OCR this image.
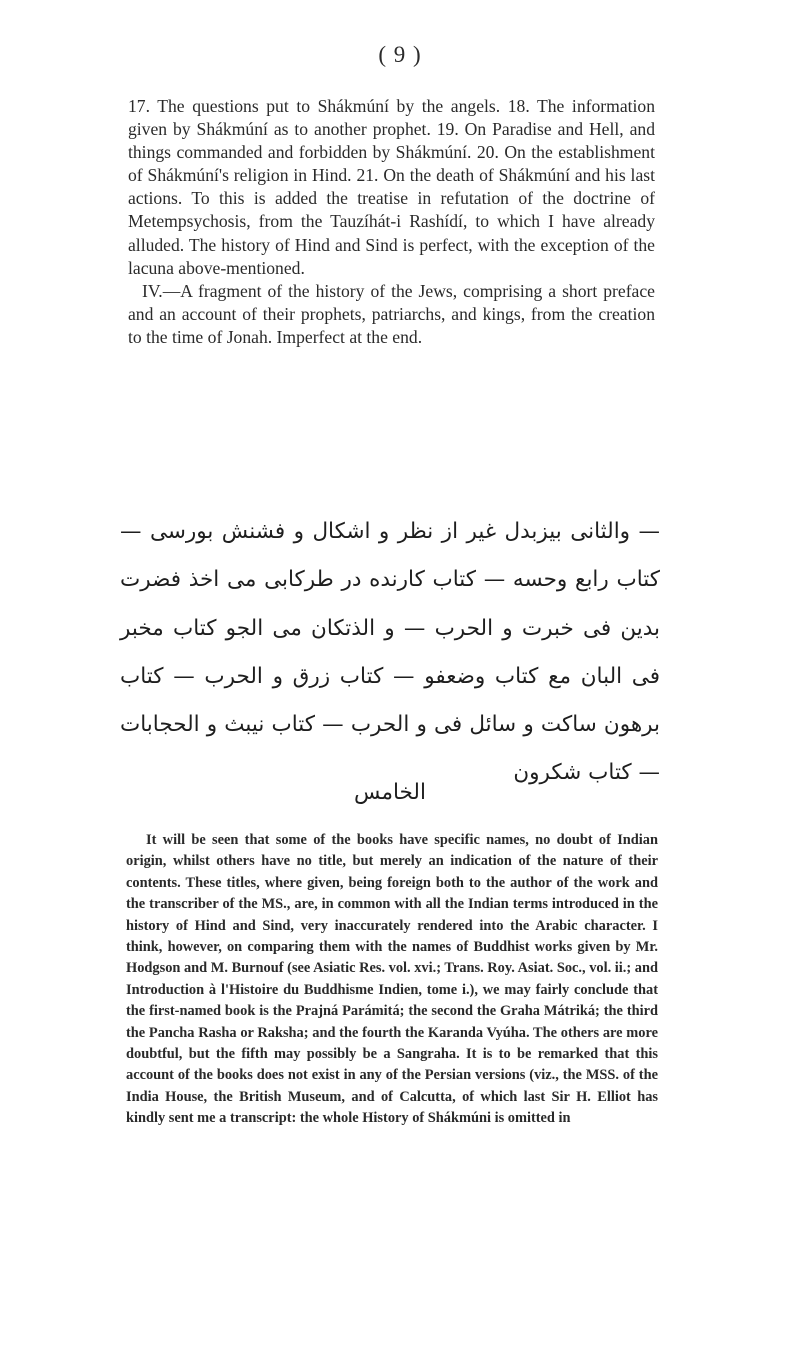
( 9 )

17. The questions put to Shákmúní by the angels. 18. The information given by Shákmúní as to another prophet. 19. On Paradise and Hell, and things commanded and forbidden by Shákmúní. 20. On the establishment of Shákmúní's religion in Hind. 21. On the death of Shákmúní and his last actions. To this is added the treatise in refutation of the doctrine of Metempsychosis, from the Tauzíhát-i Rashídí, to which I have already alluded. The history of Hind and Sind is perfect, with the exception of the lacuna above-mentioned.

IV.—A fragment of the history of the Jews, comprising a short preface and an account of their prophets, patriarchs, and kings, from the creation to the time of Jonah. Imperfect at the end.

— والثانی بیزبدل غیر از نظر و اشکال و فشنش بورسی — کتاب رابع وحسه — کتاب کارنده در طرکابی می اخذ فضرت بدین فی خبرت و الحرب — و الذتکان می الجو کتاب مخبر فی البان مع کتاب وضعفو — کتاب زرق و الحرب — کتاب برهون ساکت و سائل فی و الحرب — کتاب نیبث و الحجابات — کتاب شکرون
الخامس

It will be seen that some of the books have specific names, no doubt of Indian origin, whilst others have no title, but merely an indication of the nature of their contents. These titles, where given, being foreign both to the author of the work and the transcriber of the MS., are, in common with all the Indian terms introduced in the history of Hind and Sind, very inaccurately rendered into the Arabic character. I think, however, on comparing them with the names of Buddhist works given by Mr. Hodgson and M. Burnouf (see Asiatic Res. vol. xvi.; Trans. Roy. Asiat. Soc., vol. ii.; and Introduction à l'Histoire du Buddhisme Indien, tome i.), we may fairly conclude that the first-named book is the Prajná Parámitá; the second the Graha Mátriká; the third the Pancha Rasha or Raksha; and the fourth the Karanda Vyúha. The others are more doubtful, but the fifth may possibly be a Sangraha. It is to be remarked that this account of the books does not exist in any of the Persian versions (viz., the MSS. of the India House, the British Museum, and of Calcutta, of which last Sir H. Elliot has kindly sent me a transcript: the whole History of Shákmúni is omitted in
